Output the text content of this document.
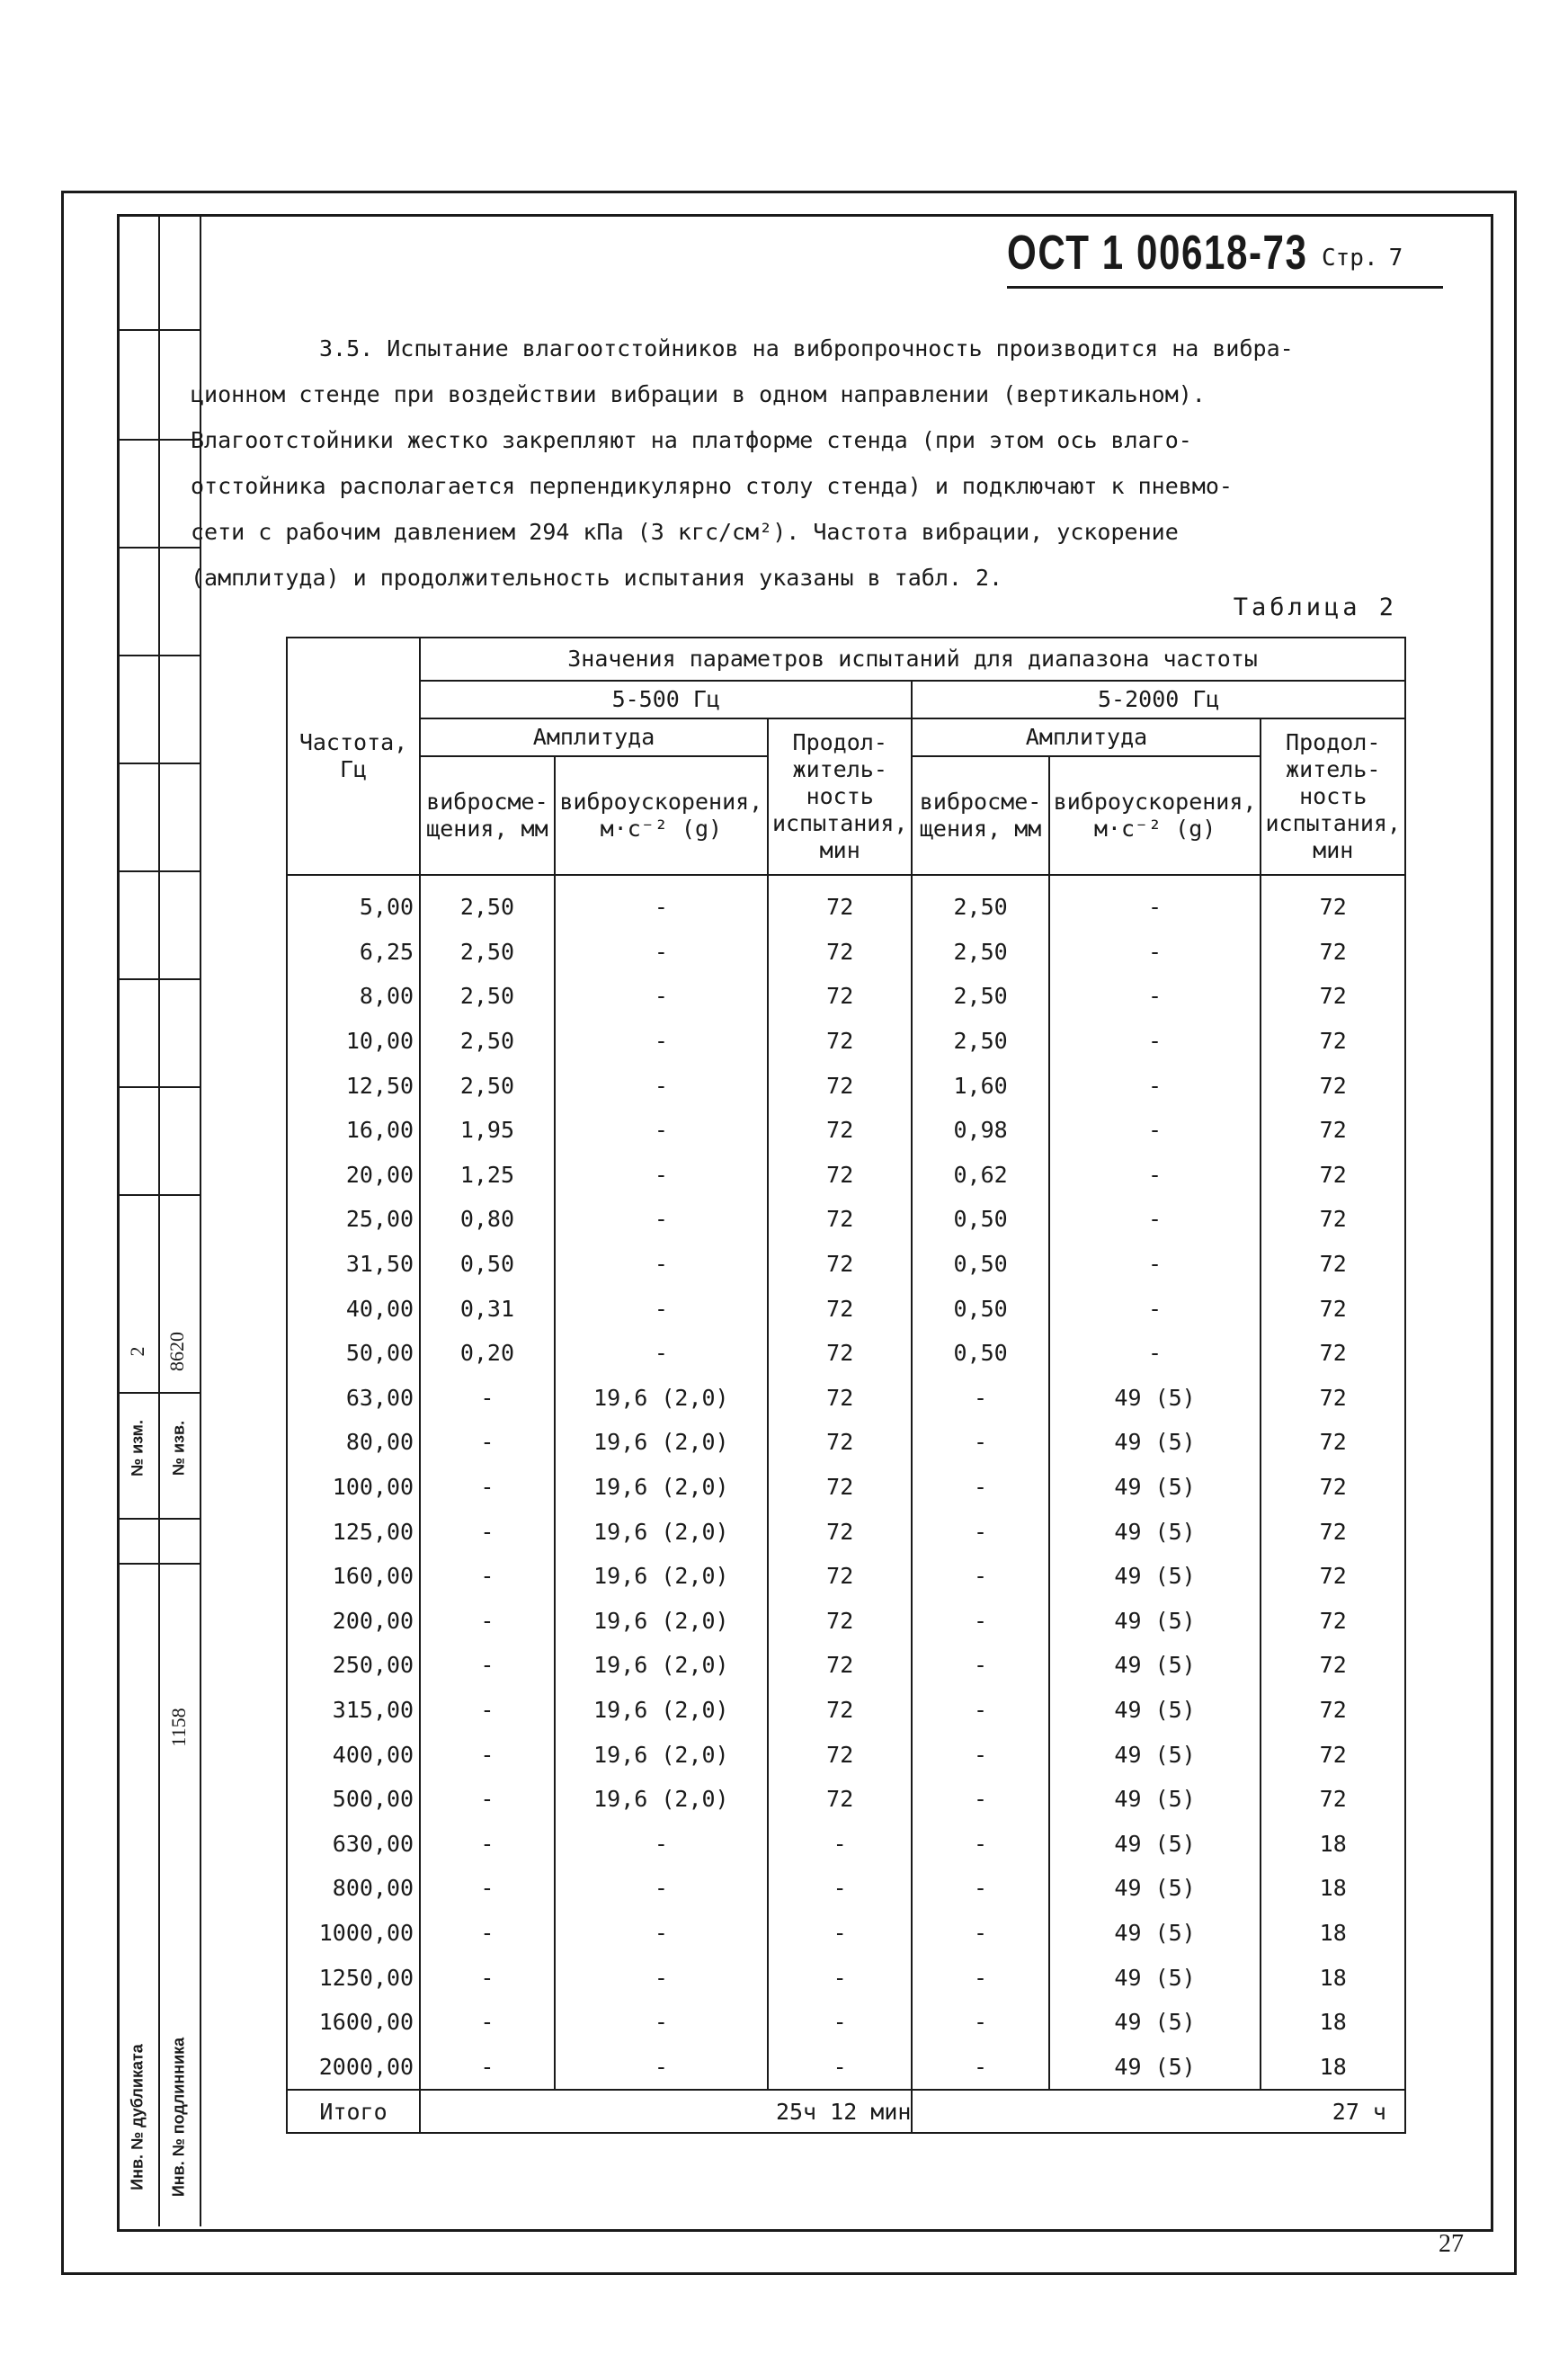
2 8620
№ изм. № изв.
1158
Инв. № дубликата Инв. № подлинника
ОСТ 1 00618-73 Стр. 7

3.5. Испытание влагоотстойников на вибропрочность производится на вибра-

ционном стенде при воздействии вибрации в одном направлении (вертикальном).

Влагоотстойники жестко закрепляют на платформе стенда (при этом ось влаго-

отстойника располагается перпендикулярно столу стенда) и подключают к пневмо-

сети с рабочим давлением 294 кПа (3 кгс/см²). Частота вибрации, ускорение

(амплитуда) и продолжительность испытания указаны в табл. 2.

Таблица 2
Частота, Гц	Значения параметров испытаний для диапазона частоты					
	5-500 Гц			5-2000 Гц		
	Амплитуда		Продол-житель-ность испытания, мин	Амплитуда		Продол-житель-ность испытания, мин
	вибросме-щения, мм	виброускорения, м·с⁻² (g)		вибросме-щения, мм	виброускорения, м·с⁻² (g)	
5,00	2,50	-	72	2,50	-	72
6,25	2,50	-	72	2,50	-	72
8,00	2,50	-	72	2,50	-	72
10,00	2,50	-	72	2,50	-	72
12,50	2,50	-	72	1,60	-	72
16,00	1,95	-	72	0,98	-	72
20,00	1,25	-	72	0,62	-	72
25,00	0,80	-	72	0,50	-	72
31,50	0,50	-	72	0,50	-	72
40,00	0,31	-	72	0,50	-	72
50,00	0,20	-	72	0,50	-	72
63,00	-	19,6 (2,0)	72	-	49 (5)	72
80,00	-	19,6 (2,0)	72	-	49 (5)	72
100,00	-	19,6 (2,0)	72	-	49 (5)	72
125,00	-	19,6 (2,0)	72	-	49 (5)	72
160,00	-	19,6 (2,0)	72	-	49 (5)	72
200,00	-	19,6 (2,0)	72	-	49 (5)	72
250,00	-	19,6 (2,0)	72	-	49 (5)	72
315,00	-	19,6 (2,0)	72	-	49 (5)	72
400,00	-	19,6 (2,0)	72	-	49 (5)	72
500,00	-	19,6 (2,0)	72	-	49 (5)	72
630,00	-	-	-	-	49 (5)	18
800,00	-	-	-	-	49 (5)	18
1000,00	-	-	-	-	49 (5)	18
1250,00	-	-	-	-	49 (5)	18
1600,00	-	-	-	-	49 (5)	18
2000,00	-	-	-	-	49 (5)	18
Итого	25ч 12 мин			27 ч		
27
